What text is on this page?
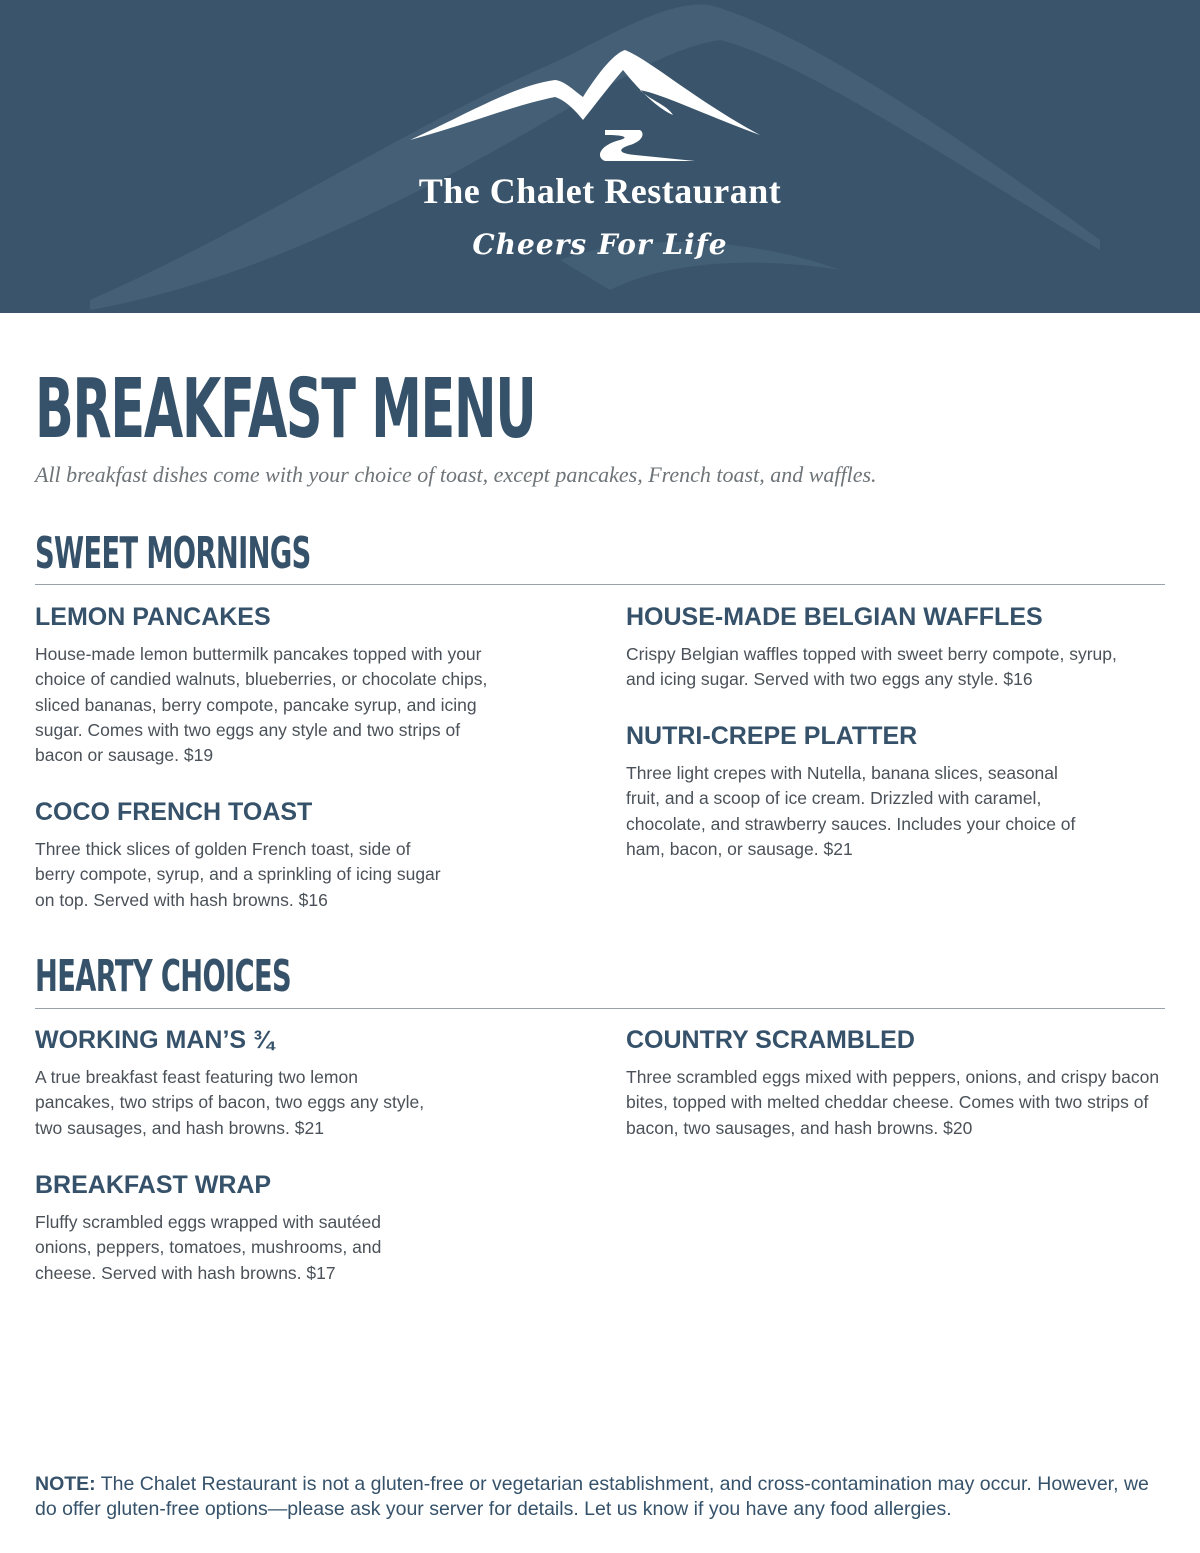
The Chalet Restaurant
Cheers For Life
BREAKFAST MENU
All breakfast dishes come with your choice of toast, except pancakes, French toast, and waffles.
SWEET MORNINGS
LEMON PANCAKES

House-made lemon buttermilk pancakes topped with your choice of candied walnuts, blueberries, or chocolate chips, sliced bananas, berry compote, pancake syrup, and icing sugar. Comes with two eggs any style and two strips of bacon or sausage. $19

COCO FRENCH TOAST

Three thick slices of golden French toast, side of berry compote, syrup, and a sprinkling of icing sugar on top. Served with hash browns. $16

HOUSE-MADE BELGIAN WAFFLES

Crispy Belgian waffles topped with sweet berry compote, syrup, and icing sugar. Served with two eggs any style. $16

NUTRI-CREPE PLATTER

Three light crepes with Nutella, banana slices, seasonal fruit, and a scoop of ice cream. Drizzled with caramel, chocolate, and strawberry sauces. Includes your choice of ham, bacon, or sausage. $21

HEARTY CHOICES
WORKING MAN’S ¾

A true breakfast feast featuring two lemon pancakes, two strips of bacon, two eggs any style, two sausages, and hash browns. $21

BREAKFAST WRAP

Fluffy scrambled eggs wrapped with sautéed onions, peppers, tomatoes, mushrooms, and cheese. Served with hash browns. $17

COUNTRY SCRAMBLED

Three scrambled eggs mixed with peppers, onions, and crispy bacon bites, topped with melted cheddar cheese. Comes with two strips of bacon, two sausages, and hash browns. $20

NOTE: The Chalet Restaurant is not a gluten-free or vegetarian establishment, and cross-contamination may occur. However, we do offer gluten-free options—please ask your server for details. Let us know if you have any food allergies.
